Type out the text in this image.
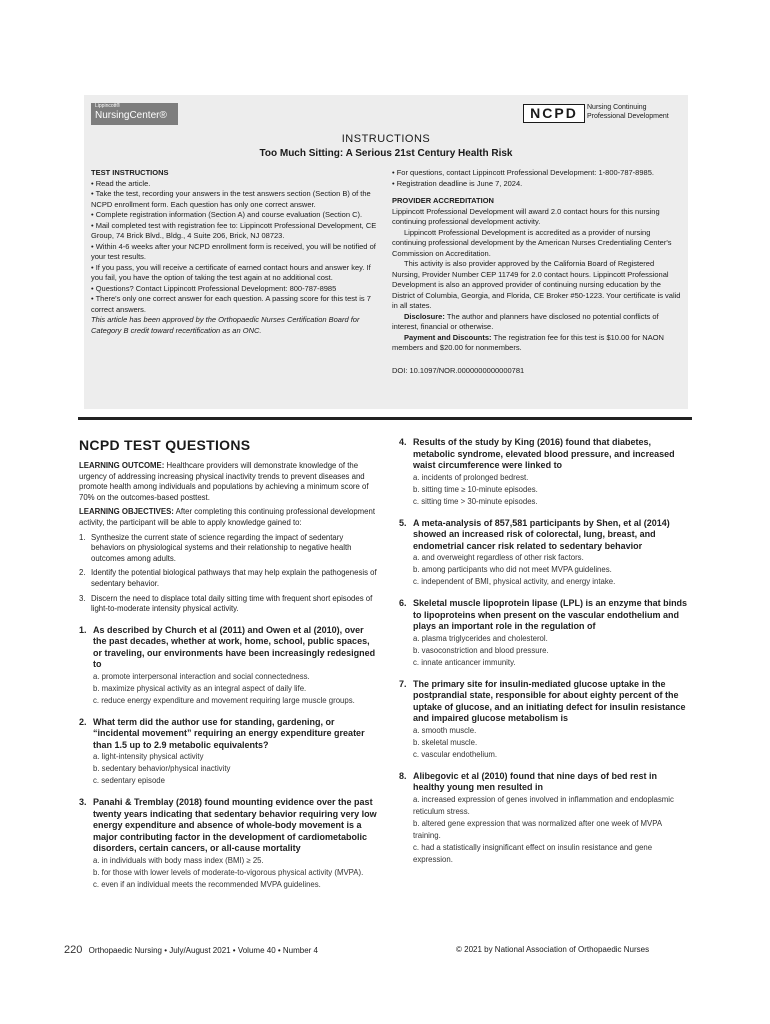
Lippincott®
NursingCenter®	NCPD	Nursing Continuing
Professional Development
INSTRUCTIONS
Too Much Sitting: A Serious 21st Century Health Risk

TEST INSTRUCTIONS

• Read the article.

• Take the test, recording your answers in the test answers section (Section B) of the NCPD enrollment form. Each question has only one correct answer.

• Complete registration information (Section A) and course evaluation (Section C).

• Mail completed test with registration fee to: Lippincott Professional Development, CE Group, 74 Brick Blvd., Bldg., 4 Suite 206, Brick, NJ 08723.

• Within 4-6 weeks after your NCPD enrollment form is received, you will be notified of your test results.

• If you pass, you will receive a certificate of earned contact hours and answer key. If you fail, you have the option of taking the test again at no additional cost.

• Questions? Contact Lippincott Professional Development: 800-787-8985

• There's only one correct answer for each question. A passing score for this test is 7 correct answers.

This article has been approved by the Orthopaedic Nurses Certification Board for Category B credit toward recertification as an ONC.

• For questions, contact Lippincott Professional Development: 1-800-787-8985.

• Registration deadline is June 7, 2024.

PROVIDER ACCREDITATION

Lippincott Professional Development will award 2.0 contact hours for this nursing continuing professional development activity.

Lippincott Professional Development is accredited as a provider of nursing continuing professional development by the American Nurses Credentialing Center's Commission on Accreditation.

This activity is also provider approved by the California Board of Registered Nursing, Provider Number CEP 11749 for 2.0 contact hours. Lippincott Professional Development is also an approved provider of continuing nursing education by the District of Columbia, Georgia, and Florida, CE Broker #50-1223. Your certificate is valid in all states.

Disclosure: The author and planners have disclosed no potential conflicts of interest, financial or otherwise.

Payment and Discounts: The registration fee for this test is $10.00 for NAON members and $20.00 for nonmembers.

DOI: 10.1097/NOR.0000000000000781

NCPD TEST QUESTIONS

LEARNING OUTCOME: Healthcare providers will demonstrate knowledge of the urgency of addressing increasing physical inactivity trends to prevent diseases and promote health among individuals and populations by achieving a minimum score of 70% on the outcomes-based posttest.

LEARNING OBJECTIVES: After completing this continuing professional development activity, the participant will be able to apply knowledge gained to:

1. Synthesize the current state of science regarding the impact of sedentary behaviors on physiological systems and their relationship to negative health outcomes among adults.
2. Identify the potential biological pathways that may help explain the pathogenesis of sedentary behavior.
3. Discern the need to displace total daily sitting time with frequent short episodes of light-to-moderate intensity physical activity.
1. As described by Church et al (2011) and Owen et al (2010), over the past decades, whether at work, home, school, public spaces, or traveling, our environments have been increasingly redesigned to
a. promote interpersonal interaction and social connectedness.
b. maximize physical activity as an integral aspect of daily life.
c. reduce energy expenditure and movement requiring large muscle groups.
2. What term did the author use for standing, gardening, or “incidental movement” requiring an energy expenditure greater than 1.5 up to 2.9 metabolic equivalents?
a. light-intensity physical activity
b. sedentary behavior/physical inactivity
c. sedentary episode
3. Panahi & Tremblay (2018) found mounting evidence over the past twenty years indicating that sedentary behavior requiring very low energy expenditure and absence of whole-body movement is a major contributing factor in the development of cardiometabolic disorders, certain cancers, or all-cause mortality
a. in individuals with body mass index (BMI) ≥ 25.
b. for those with lower levels of moderate-to-vigorous physical activity (MVPA).
c. even if an individual meets the recommended MVPA guidelines.
4. Results of the study by King (2016) found that diabetes, metabolic syndrome, elevated blood pressure, and increased waist circumference were linked to
a. incidents of prolonged bedrest.
b. sitting time ≥ 10-minute episodes.
c. sitting time > 30-minute episodes.
5. A meta-analysis of 857,581 participants by Shen, et al (2014) showed an increased risk of colorectal, lung, breast, and endometrial cancer risk related to sedentary behavior
a. and overweight regardless of other risk factors.
b. among participants who did not meet MVPA guidelines.
c. independent of BMI, physical activity, and energy intake.
6. Skeletal muscle lipoprotein lipase (LPL) is an enzyme that binds to lipoproteins when present on the vascular endothelium and plays an important role in the regulation of
a. plasma triglycerides and cholesterol.
b. vasoconstriction and blood pressure.
c. innate anticancer immunity.
7. The primary site for insulin-mediated glucose uptake in the postprandial state, responsible for about eighty percent of the uptake of glucose, and an initiating defect for insulin resistance and impaired glucose metabolism is
a. smooth muscle.
b. skeletal muscle.
c. vascular endothelium.
8. Alibegovic et al (2010) found that nine days of bed rest in healthy young men resulted in
a. increased expression of genes involved in inflammation and endoplasmic reticulum stress.
b. altered gene expression that was normalized after one week of MVPA training.
c. had a statistically insignificant effect on insulin resistance and gene expression.
220 Orthopaedic Nursing • July/August 2021 • Volume 40 • Number 4	© 2021 by National Association of Orthopaedic Nurses
